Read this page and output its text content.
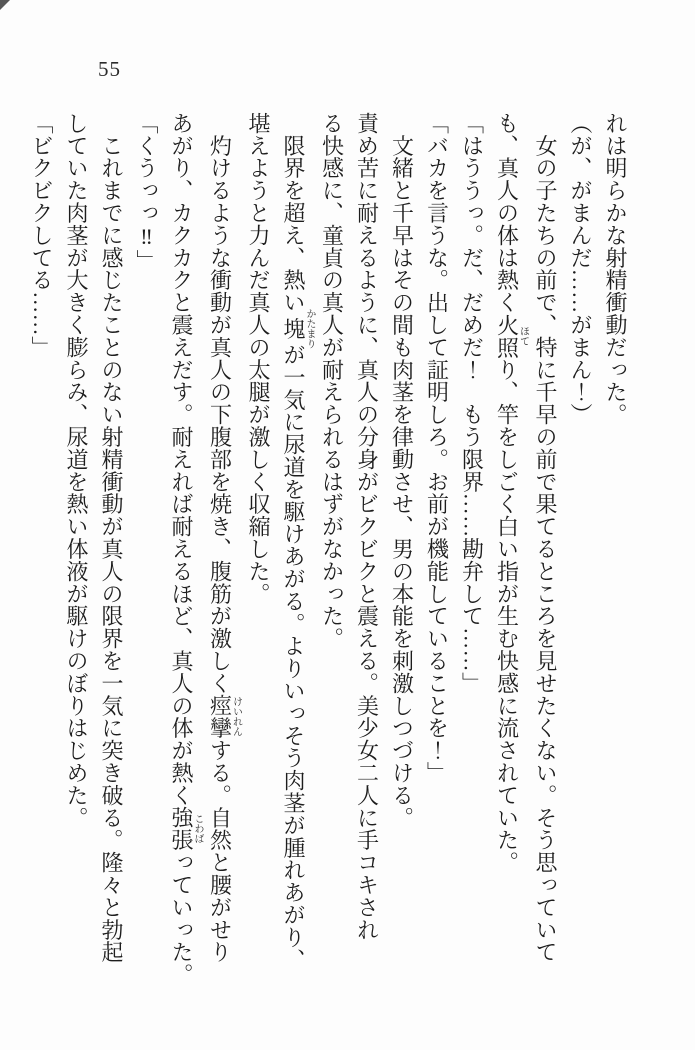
55
れは明らかな射精衝動だった。
（が、がまんだ……がまん！）
　女の子たちの前で、特に千早の前で果てるところを見せたくない。そう思っていて
も、真人の体は熱く火照ほてり、竿をしごく白い指が生む快感に流されていた。
「はううっ。だ、だめだ！　もう限界……勘弁して……」
「バカを言うな。出して証明しろ。お前が機能していることを！」
　文緒と千早はその間も肉茎を律動させ、男の本能を刺激しつづける。
責め苦に耐えるように、真人の分身がビクビクと震える。美少女二人に手コキされ
る快感に、童貞の真人が耐えられるはずがなかった。
　限界を超え、熱い塊かたまりが一気に尿道を駆けあがる。よりいっそう肉茎が腫れあがり、
堪えようと力んだ真人の太腿が激しく収縮した。
　灼けるような衝動が真人の下腹部を焼き、腹筋が激しく痙攣けいれんする。自然と腰がせり
あがり、カクカクと震えだす。耐えれば耐えるほど、真人の体が熱く強張こわばっていった。
「くうっっ‼」
　これまでに感じたことのない射精衝動が真人の限界を一気に突き破る。隆々と勃起
していた肉茎が大きく膨らみ、尿道を熱い体液が駆けのぼりはじめた。
「ビクビクしてる……」
